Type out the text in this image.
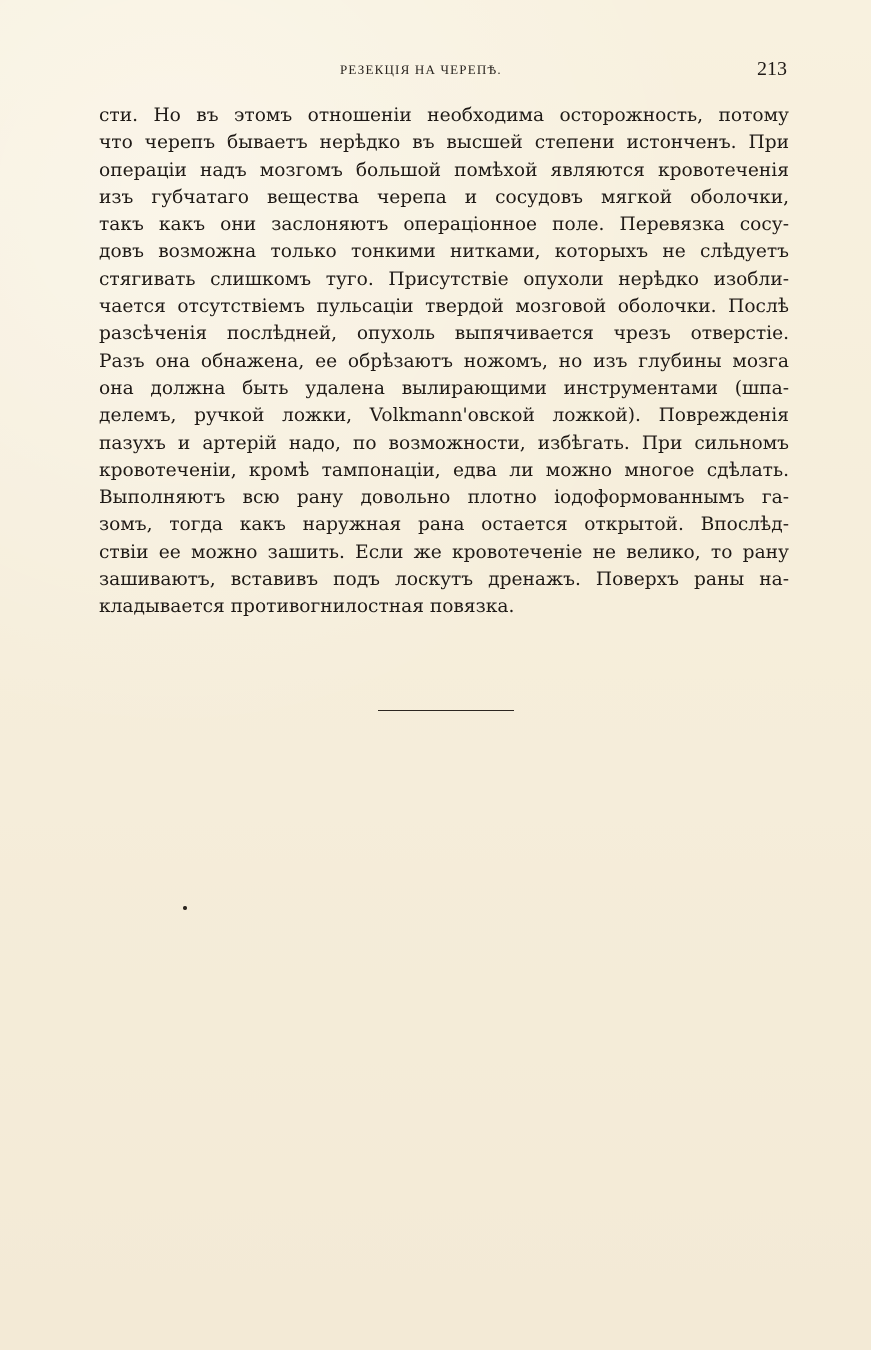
РЕЗЕКЦІЯ НА ЧЕРЕПѢ.	213
сти. Но въ этомъ отношеніи необходима осторожность, потому
что черепъ бываетъ нерѣдко въ высшей степени истонченъ. При
операціи надъ мозгомъ большой помѣхой являются кровотеченія
изъ губчатаго вещества черепа и сосудовъ мягкой оболочки,
такъ какъ они заслоняютъ операціонное поле. Перевязка сосу-
довъ возможна только тонкими нитками, которыхъ не слѣдуетъ
стягивать слишкомъ туго. Присутствіе опухоли нерѣдко изобли-
чается отсутствіемъ пульсаціи твердой мозговой оболочки. Послѣ
разсѣченія послѣдней, опухоль выпячивается чрезъ отверстіе.
Разъ она обнажена, ее обрѣзаютъ ножомъ, но изъ глубины мозга
она должна быть удалена вылирающими инструментами (шпа-
делемъ, ручкой ложки, Volkmann'овской ложкой). Поврежденія
пазухъ и артерій надо, по возможности, избѣгать. При сильномъ
кровотеченіи, кромѣ тампонаціи, едва ли можно многое сдѣлать.
Выполняютъ всю рану довольно плотно іодоформованнымъ га-
зомъ, тогда какъ наружная рана остается открытой. Впослѣд-
ствіи ее можно зашить. Если же кровотеченіе не велико, то рану
зашиваютъ, вставивъ подъ лоскутъ дренажъ. Поверхъ раны на-
кладывается противогнилостная повязка.
